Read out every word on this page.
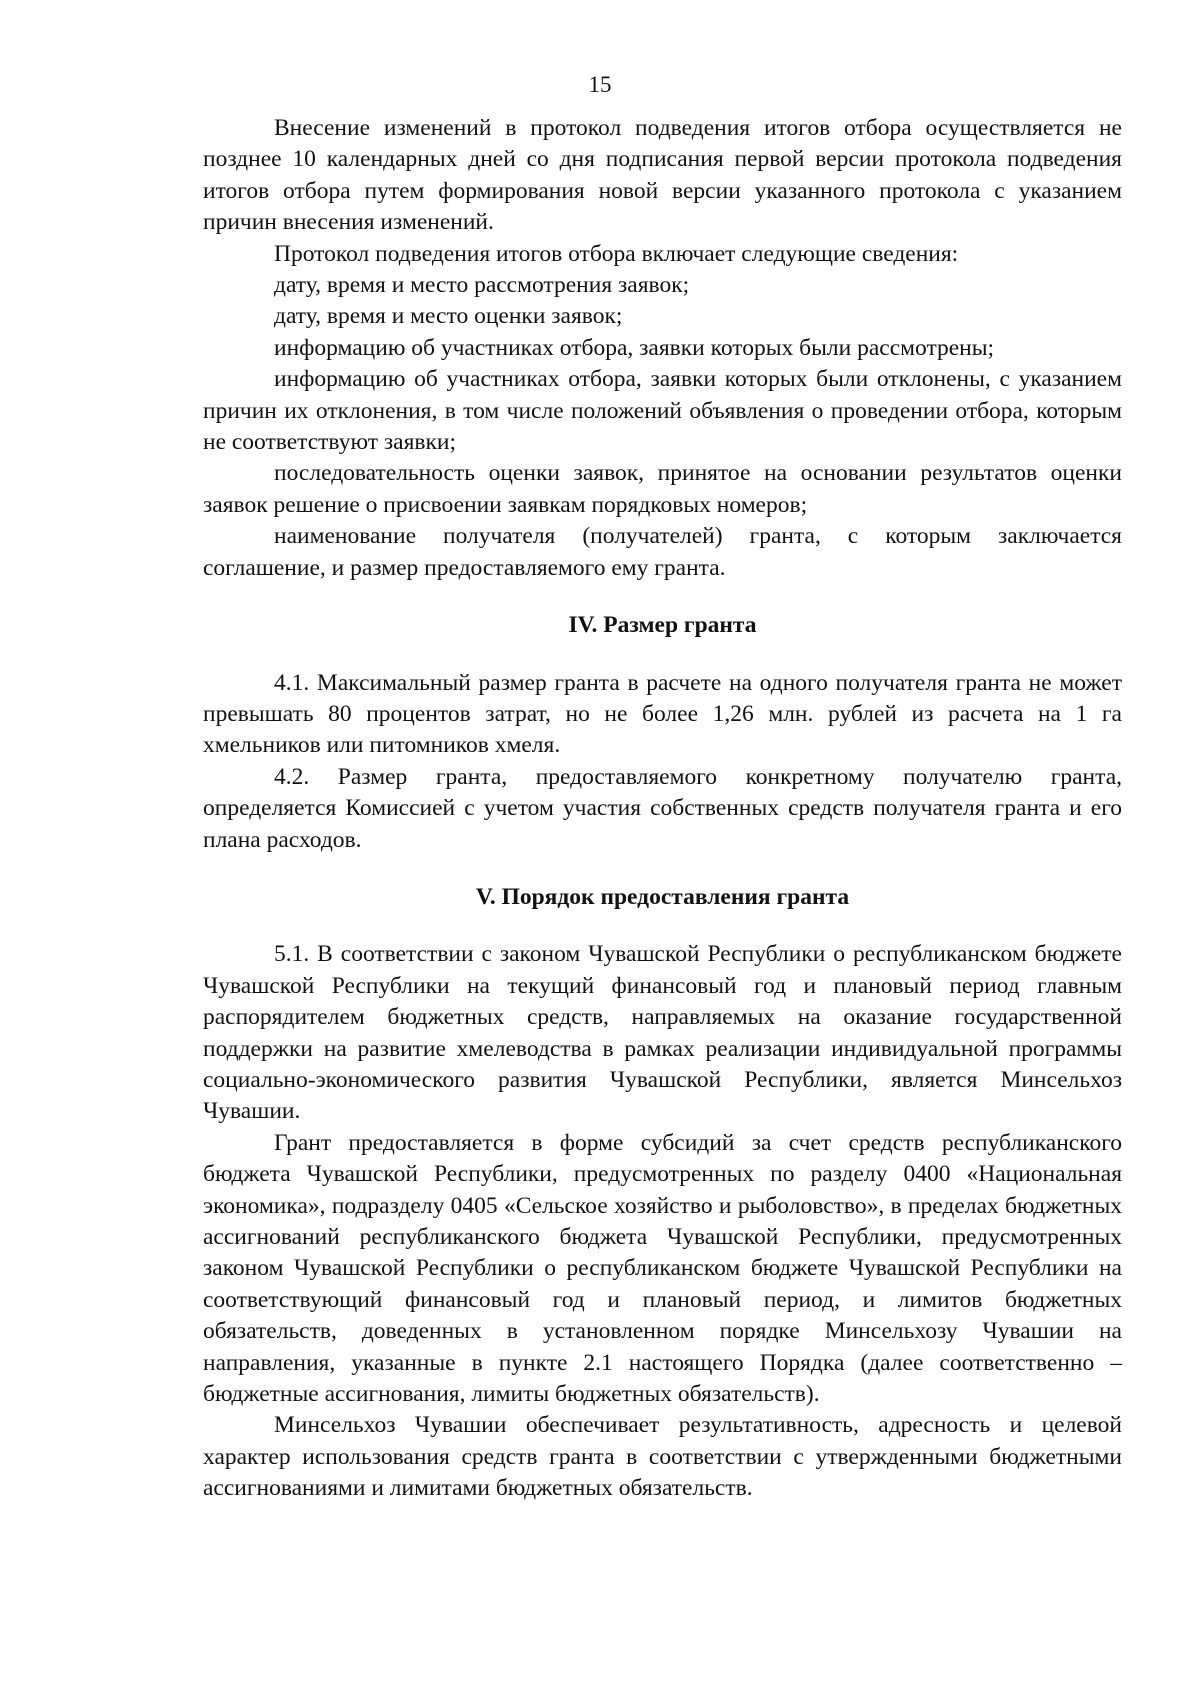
15

Внесение изменений в протокол подведения итогов отбора осуществляется не позднее 10 календарных дней со дня подписания первой версии протокола подведения итогов отбора путем формирования новой версии указанного протокола с указанием причин внесения изменений.

Протокол подведения итогов отбора включает следующие сведения:

дату, время и место рассмотрения заявок;

дату, время и место оценки заявок;

информацию об участниках отбора, заявки которых были рассмотрены;

информацию об участниках отбора, заявки которых были отклонены, с указанием причин их отклонения, в том числе положений объявления о проведении отбора, которым не соответствуют заявки;

последовательность оценки заявок, принятое на основании результатов оценки заявок решение о присвоении заявкам порядковых номеров;

наименование получателя (получателей) гранта, с которым заключается соглашение, и размер предоставляемого ему гранта.

IV. Размер гранта

4.1. Максимальный размер гранта в расчете на одного получателя гранта не может превышать 80 процентов затрат, но не более 1,26 млн. рублей из расчета на 1 га хмельников или питомников хмеля.

4.2. Размер гранта, предоставляемого конкретному получателю гранта, определяется Комиссией с учетом участия собственных средств получателя гранта и его плана расходов.

V. Порядок предоставления гранта

5.1. В соответствии с законом Чувашской Республики о республиканском бюджете Чувашской Республики на текущий финансовый год и плановый период главным распорядителем бюджетных средств, направляемых на оказание государственной поддержки на развитие хмелеводства в рамках реализации индивидуальной программы социально-экономического развития Чувашской Республики, является Минсельхоз Чувашии.

Грант предоставляется в форме субсидий за счет средств республиканского бюджета Чувашской Республики, предусмотренных по разделу 0400 «Национальная экономика», подразделу 0405 «Сельское хозяйство и рыболовство», в пределах бюджетных ассигнований республиканского бюджета Чувашской Республики, предусмотренных законом Чувашской Республики о республиканском бюджете Чувашской Республики на соответствующий финансовый год и плановый период, и лимитов бюджетных обязательств, доведенных в установленном порядке Минсельхозу Чувашии на направления, указанные в пункте 2.1 настоящего Порядка (далее соответственно – бюджетные ассигнования, лимиты бюджетных обязательств).

Минсельхоз Чувашии обеспечивает результативность, адресность и целевой характер использования средств гранта в соответствии с утвержденными бюджетными ассигнованиями и лимитами бюджетных обязательств.
